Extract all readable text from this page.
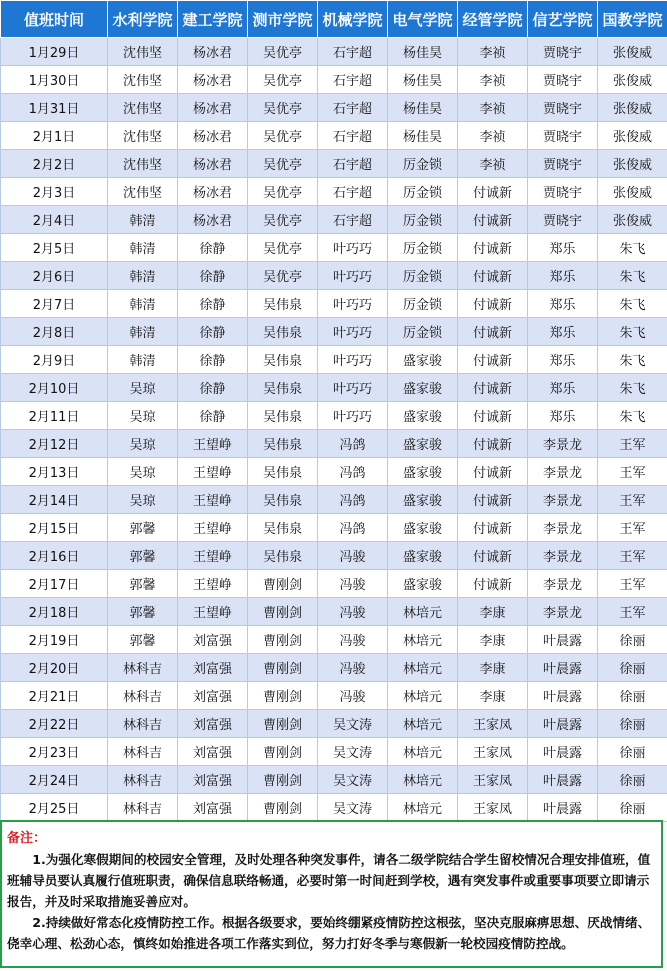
值班时间	水利学院	建工学院	测市学院	机械学院	电气学院	经管学院	信艺学院	国教学院
1月29日	沈伟坚	杨冰君	吴优亭	石宇超	杨佳昊	李祯	贾晓宇	张俊威
1月30日	沈伟坚	杨冰君	吴优亭	石宇超	杨佳昊	李祯	贾晓宇	张俊威
1月31日	沈伟坚	杨冰君	吴优亭	石宇超	杨佳昊	李祯	贾晓宇	张俊威
2月1日	沈伟坚	杨冰君	吴优亭	石宇超	杨佳昊	李祯	贾晓宇	张俊威
2月2日	沈伟坚	杨冰君	吴优亭	石宇超	厉金锁	李祯	贾晓宇	张俊威
2月3日	沈伟坚	杨冰君	吴优亭	石宇超	厉金锁	付诚新	贾晓宇	张俊威
2月4日	韩清	杨冰君	吴优亭	石宇超	厉金锁	付诚新	贾晓宇	张俊威
2月5日	韩清	徐静	吴优亭	叶巧巧	厉金锁	付诚新	郑乐	朱飞
2月6日	韩清	徐静	吴优亭	叶巧巧	厉金锁	付诚新	郑乐	朱飞
2月7日	韩清	徐静	吴伟泉	叶巧巧	厉金锁	付诚新	郑乐	朱飞
2月8日	韩清	徐静	吴伟泉	叶巧巧	厉金锁	付诚新	郑乐	朱飞
2月9日	韩清	徐静	吴伟泉	叶巧巧	盛家骏	付诚新	郑乐	朱飞
2月10日	吴琼	徐静	吴伟泉	叶巧巧	盛家骏	付诚新	郑乐	朱飞
2月11日	吴琼	徐静	吴伟泉	叶巧巧	盛家骏	付诚新	郑乐	朱飞
2月12日	吴琼	王望峥	吴伟泉	冯鸽	盛家骏	付诚新	李景龙	王军
2月13日	吴琼	王望峥	吴伟泉	冯鸽	盛家骏	付诚新	李景龙	王军
2月14日	吴琼	王望峥	吴伟泉	冯鸽	盛家骏	付诚新	李景龙	王军
2月15日	郭馨	王望峥	吴伟泉	冯鸽	盛家骏	付诚新	李景龙	王军
2月16日	郭馨	王望峥	吴伟泉	冯骏	盛家骏	付诚新	李景龙	王军
2月17日	郭馨	王望峥	曹刚剑	冯骏	盛家骏	付诚新	李景龙	王军
2月18日	郭馨	王望峥	曹刚剑	冯骏	林培元	李康	李景龙	王军
2月19日	郭馨	刘富强	曹刚剑	冯骏	林培元	李康	叶晨露	徐丽
2月20日	林科吉	刘富强	曹刚剑	冯骏	林培元	李康	叶晨露	徐丽
2月21日	林科吉	刘富强	曹刚剑	冯骏	林培元	李康	叶晨露	徐丽
2月22日	林科吉	刘富强	曹刚剑	吴文涛	林培元	王家凤	叶晨露	徐丽
2月23日	林科吉	刘富强	曹刚剑	吴文涛	林培元	王家凤	叶晨露	徐丽
2月24日	林科吉	刘富强	曹刚剑	吴文涛	林培元	王家凤	叶晨露	徐丽
2月25日	林科吉	刘富强	曹刚剑	吴文涛	林培元	王家凤	叶晨露	徐丽
备注：

1.为强化寒假期间的校园安全管理，及时处理各种突发事件，请各二级学院结合学生留校情况合理安排值班，值班辅导员要认真履行值班职责，确保信息联络畅通，必要时第一时间赶到学校，遇有突发事件或重要事项要立即请示报告，并及时采取措施妥善应对。

2.持续做好常态化疫情防控工作。根据各级要求，要始终绷紧疫情防控这根弦，坚决克服麻痹思想、厌战情绪、侥幸心理、松劲心态，慎终如始推进各项工作落实到位，努力打好冬季与寒假新一轮校园疫情防控战。
